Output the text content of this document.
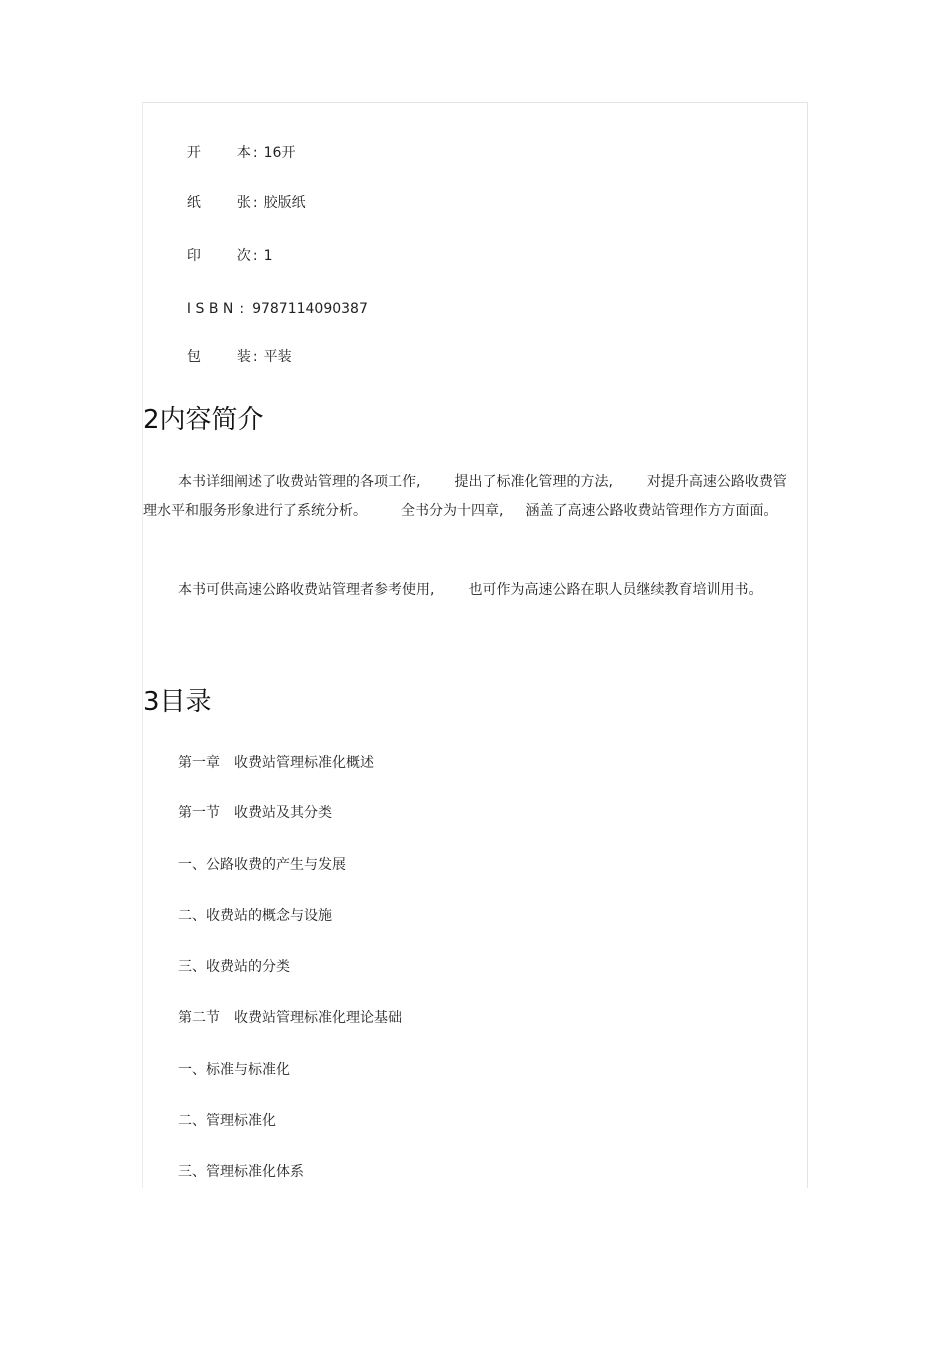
开	本 : 16开

纸	张 : 胶版纸

印	次 : 1

I S B N : 9787114090387

包	装 : 平装

2内容简介

本书详细阐述了收费站管理的各项工作, 提出了标准化管理的方法, 对提升高速公路收费管理水平和服务形象进行了系统分析。 全书分为十四章, 涵盖了高速公路收费站管理作方方面面。

本书可供高速公路收费站管理者参考使用, 也可作为高速公路在职人员继续教育培训用书。

3目录
第一章　收费站管理标准化概述
第一节　收费站及其分类
一、公路收费的产生与发展
二、收费站的概念与设施
三、收费站的分类
第二节　收费站管理标准化理论基础
一、标准与标准化
二、管理标准化
三、管理标准化体系
